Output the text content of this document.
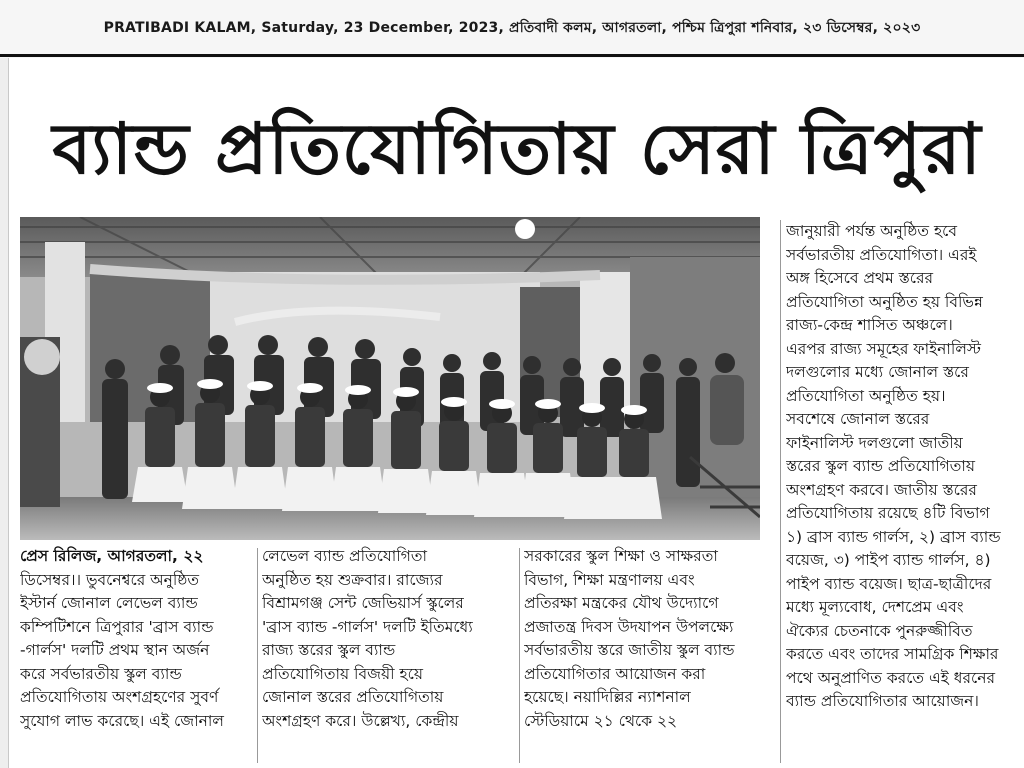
PRATIBADI KALAM, Saturday, 23 December, 2023, প্রতিবাদী কলম, আগরতলা, পশ্চিম ত্রিপুরা শনিবার, ২৩ ডিসেম্বর, ২০২৩
ব্যান্ড প্রতিযোগিতায় সেরা ত্রিপুরা
জানুয়ারী পর্যন্ত অনুষ্ঠিত হবে
সর্বভারতীয় প্রতিযোগিতা। এরই
অঙ্গ হিসেবে প্রথম স্তরের
প্রতিযোগিতা অনুষ্ঠিত হয় বিভিন্ন
রাজ্য-কেন্দ্র শাসিত অঞ্চলে।
এরপর রাজ্য সমূহের ফাইনালিস্ট
দলগুলোর মধ্যে জোনাল স্তরে
প্রতিযোগিতা অনুষ্ঠিত হয়।
সবশেষে জোনাল স্তরের
ফাইনালিস্ট দলগুলো জাতীয়
স্তরের স্কুল ব্যান্ড প্রতিযোগিতায়
অংশগ্রহণ করবে। জাতীয় স্তরের
প্রতিযোগিতায় রয়েছে ৪টি বিভাগ
১) ব্রাস ব্যান্ড গার্লস, ২) ব্রাস ব্যান্ড
বয়েজ, ৩) পাইপ ব্যান্ড গার্লস, ৪)
পাইপ ব্যান্ড বয়েজ। ছাত্র-ছাত্রীদের
মধ্যে মূল্যবোধ, দেশপ্রেম এবং
ঐক্যের চেতনাকে পুনরুজ্জীবিত
করতে এবং তাদের সামগ্রিক শিক্ষার
পথে অনুপ্রাণিত করতে এই ধরনের
ব্যান্ড প্রতিযোগিতার আয়োজন।
প্রেস রিলিজ, আগরতলা, ২২
ডিসেম্বর।। ভুবনেশ্বরে অনুষ্ঠিত
ইস্টার্ন জোনাল লেভেল ব্যান্ড
কম্পিটিশনে ত্রিপুরার 'ব্রাস ব্যান্ড
-গার্লস' দলটি প্রথম স্থান অর্জন
করে সর্বভারতীয় স্কুল ব্যান্ড
প্রতিযোগিতায় অংশগ্রহণের সুবর্ণ
সুযোগ লাভ করেছে। এই জোনাল
লেভেল ব্যান্ড প্রতিযোগিতা
অনুষ্ঠিত হয় শুক্রবার। রাজ্যের
বিশ্রামগঞ্জ সেন্ট জেভিয়ার্স স্কুলের
'ব্রাস ব্যান্ড -গার্লস' দলটি ইতিমধ্যে
রাজ্য স্তরের স্কুল ব্যান্ড
প্রতিযোগিতায় বিজয়ী হয়ে
জোনাল স্তরের প্রতিযোগিতায়
অংশগ্রহণ করে। উল্লেখ্য, কেন্দ্রীয়
সরকারের স্কুল শিক্ষা ও সাক্ষরতা
বিভাগ, শিক্ষা মন্ত্রণালয় এবং
প্রতিরক্ষা মন্ত্রকের যৌথ উদ্যোগে
প্রজাতন্ত্র দিবস উদযাপন উপলক্ষ্যে
সর্বভারতীয় স্তরে জাতীয় স্কুল ব্যান্ড
প্রতিযোগিতার আয়োজন করা
হয়েছে। নয়াদিল্লির ন্যাশনাল
স্টেডিয়ামে ২১ থেকে ২২
